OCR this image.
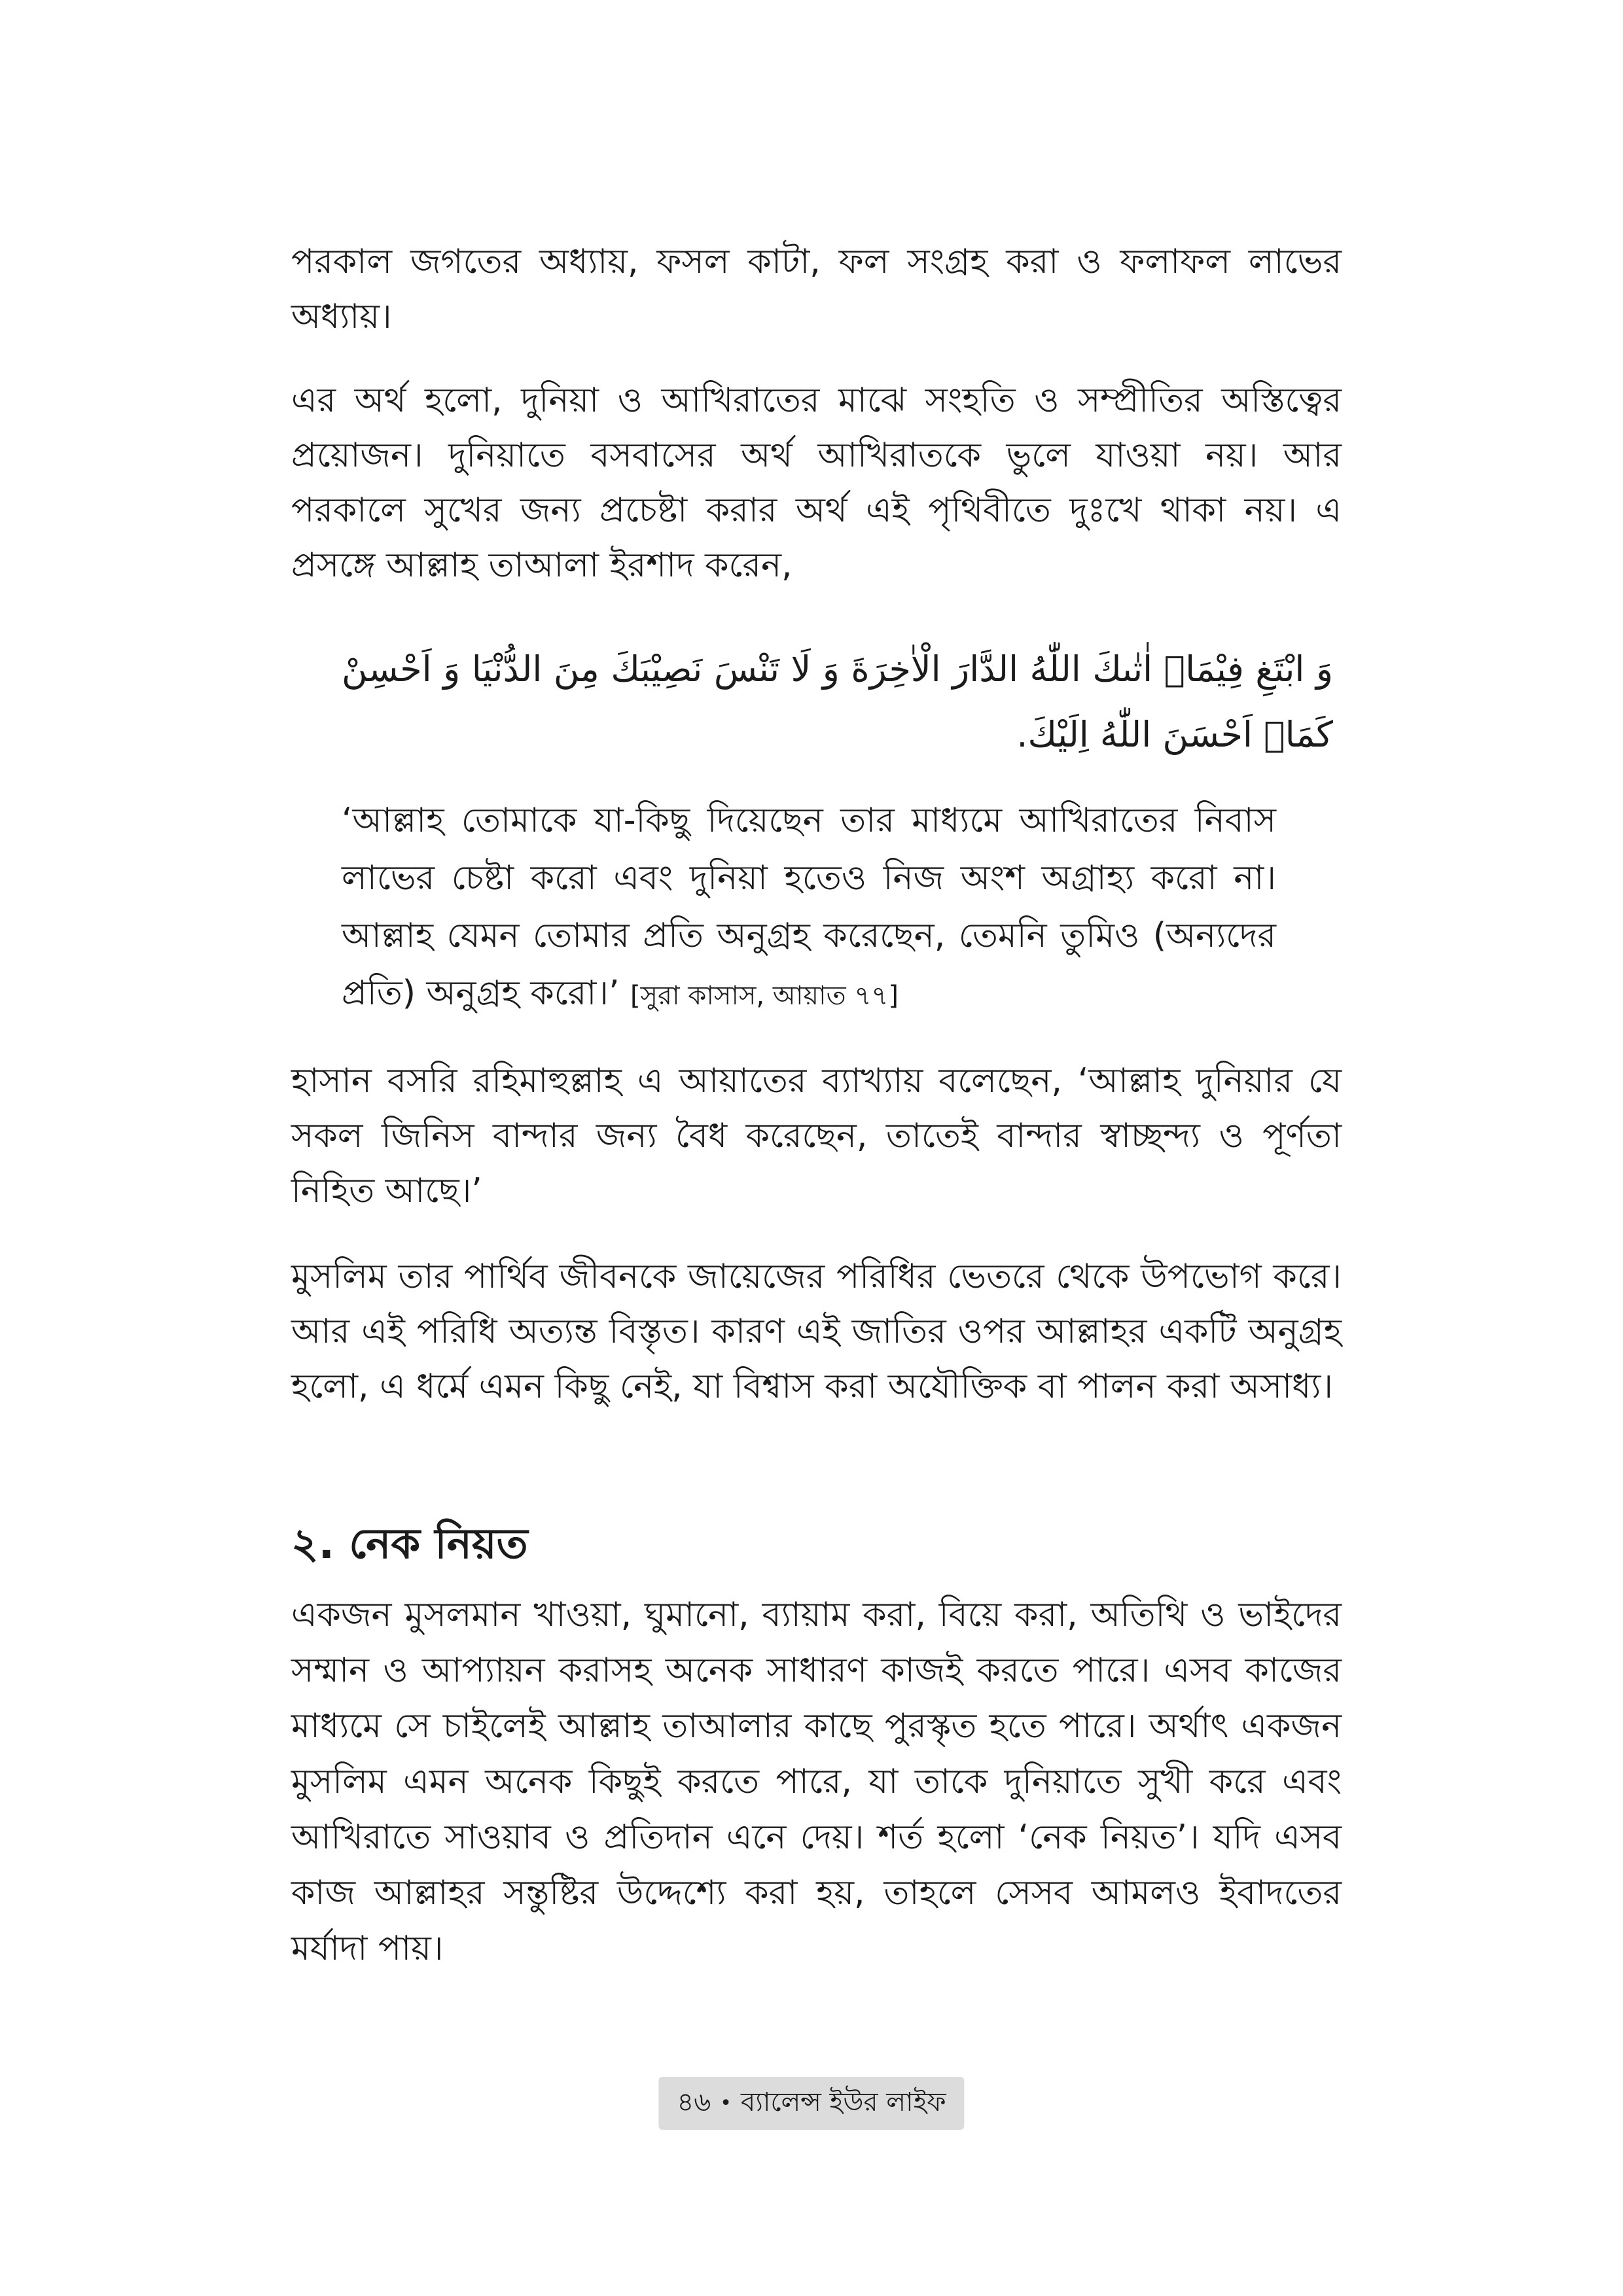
পরকাল জগতের অধ্যায়, ফসল কাটা, ফল সংগ্রহ করা ও ফলাফল লাভের অধ্যায়।

এর অর্থ হলো, দুনিয়া ও আখিরাতের মাঝে সংহতি ও সম্প্রীতির অস্তিত্বের প্রয়োজন। দুনিয়াতে বসবাসের অর্থ আখিরাতকে ভুলে যাওয়া নয়। আর পরকালে সুখের জন্য প্রচেষ্টা করার অর্থ এই পৃথিবীতে দুঃখে থাকা নয়। এ প্রসঙ্গে আল্লাহ তাআলা ইরশাদ করেন,

وَ ابْتَغِ فِيْمَاۤ اٰتٰىكَ اللّٰهُ الدَّارَ الْاٰخِرَةَ وَ لَا تَنْسَ نَصِيْبَكَ مِنَ الدُّنْيَا وَ اَحْسِنْ كَمَاۤ اَحْسَنَ اللّٰهُ اِلَيْكَ.

‘আল্লাহ তোমাকে যা-কিছু দিয়েছেন তার মাধ্যমে আখিরাতের নিবাস লাভের চেষ্টা করো এবং দুনিয়া হতেও নিজ অংশ অগ্রাহ্য করো না। আল্লাহ যেমন তোমার প্রতি অনুগ্রহ করেছেন, তেমনি তুমিও (অন্যদের প্রতি) অনুগ্রহ করো।’ [সুরা কাসাস, আয়াত ৭৭]

হাসান বসরি রহিমাহুল্লাহ এ আয়াতের ব্যাখ্যায় বলেছেন, ‘আল্লাহ দুনিয়ার যে সকল জিনিস বান্দার জন্য বৈধ করেছেন, তাতেই বান্দার স্বাচ্ছন্দ্য ও পূর্ণতা নিহিত আছে।’

মুসলিম তার পার্থিব জীবনকে জায়েজের পরিধির ভেতরে থেকে উপভোগ করে। আর এই পরিধি অত্যন্ত বিস্তৃত। কারণ এই জাতির ওপর আল্লাহর একটি অনুগ্রহ হলো, এ ধর্মে এমন কিছু নেই, যা বিশ্বাস করা অযৌক্তিক বা পালন করা অসাধ্য।

২. নেক নিয়ত

একজন মুসলমান খাওয়া, ঘুমানো, ব্যায়াম করা, বিয়ে করা, অতিথি ও ভাইদের সম্মান ও আপ্যায়ন করাসহ অনেক সাধারণ কাজই করতে পারে। এসব কাজের মাধ্যমে সে চাইলেই আল্লাহ তাআলার কাছে পুরস্কৃত হতে পারে। অর্থাৎ একজন মুসলিম এমন অনেক কিছুই করতে পারে, যা তাকে দুনিয়াতে সুখী করে এবং আখিরাতে সাওয়াব ও প্রতিদান এনে দেয়। শর্ত হলো ‘নেক নিয়ত’। যদি এসব কাজ আল্লাহর সন্তুষ্টির উদ্দেশ্যে করা হয়, তাহলে সেসব আমলও ইবাদতের মর্যাদা পায়।

৪৬ • ব্যালেন্স ইউর লাইফ
